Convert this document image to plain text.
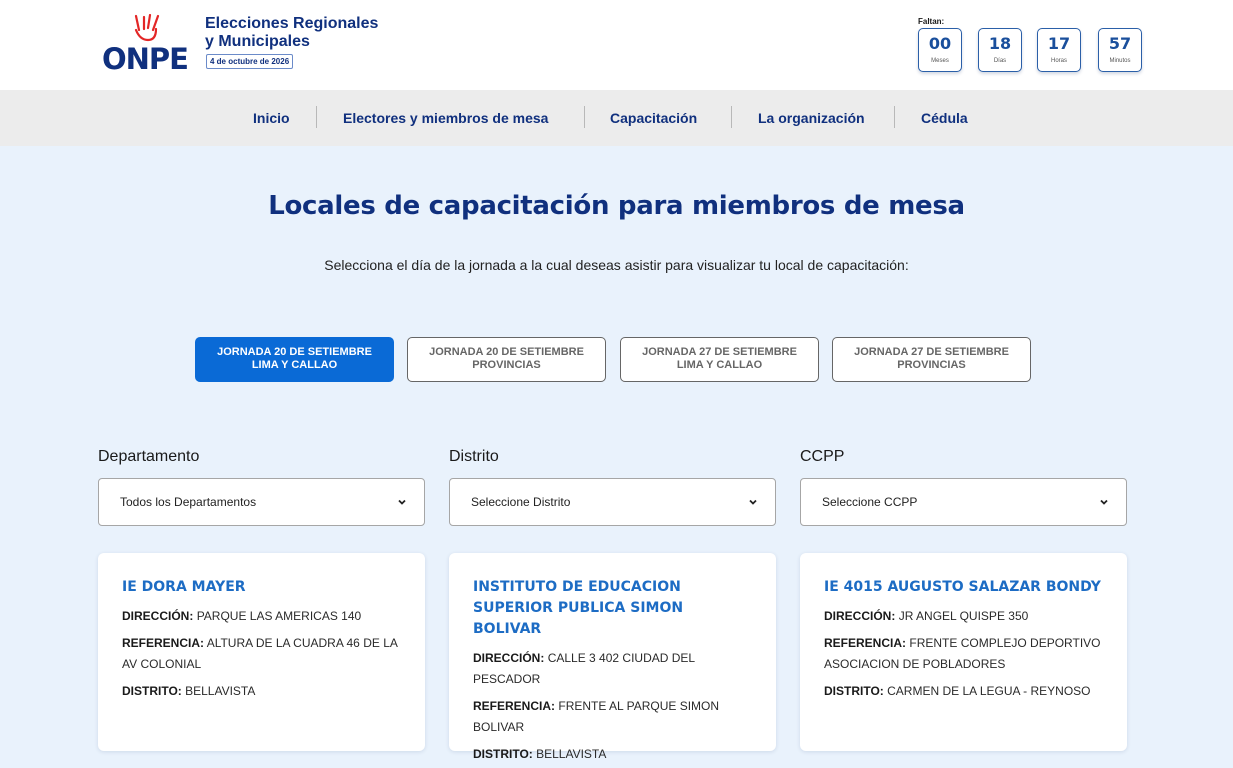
ONPE
Elecciones Regionales
y Municipales
4 de octubre de 2026
Faltan:
00
Meses
18
Días
17
Horas
57
Minutos
Inicio	Electores y miembros de mesa	Capacitación	La organización	Cédula
Locales de capacitación para miembros de mesa

Selecciona el día de la jornada a la cual deseas asistir para visualizar tu local de capacitación:

JORNADA 20 DE SETIEMBRE
LIMA Y CALLAO
JORNADA 20 DE SETIEMBRE
PROVINCIAS
JORNADA 27 DE SETIEMBRE
LIMA Y CALLAO
JORNADA 27 DE SETIEMBRE
PROVINCIAS
Departamento
Todos los Departamentos
Distrito
Seleccione Distrito
CCPP
Seleccione CCPP
IE DORA MAYER
DIRECCIÓN: PARQUE LAS AMERICAS 140
REFERENCIA: ALTURA DE LA CUADRA 46 DE LA AV COLONIAL
DISTRITO: BELLAVISTA
INSTITUTO DE EDUCACION SUPERIOR PUBLICA SIMON BOLIVAR
DIRECCIÓN: CALLE 3 402 CIUDAD DEL PESCADOR
REFERENCIA: FRENTE AL PARQUE SIMON BOLIVAR
DISTRITO: BELLAVISTA
IE 4015 AUGUSTO SALAZAR BONDY
DIRECCIÓN: JR ANGEL QUISPE 350
REFERENCIA: FRENTE COMPLEJO DEPORTIVO ASOCIACION DE POBLADORES
DISTRITO: CARMEN DE LA LEGUA - REYNOSO
